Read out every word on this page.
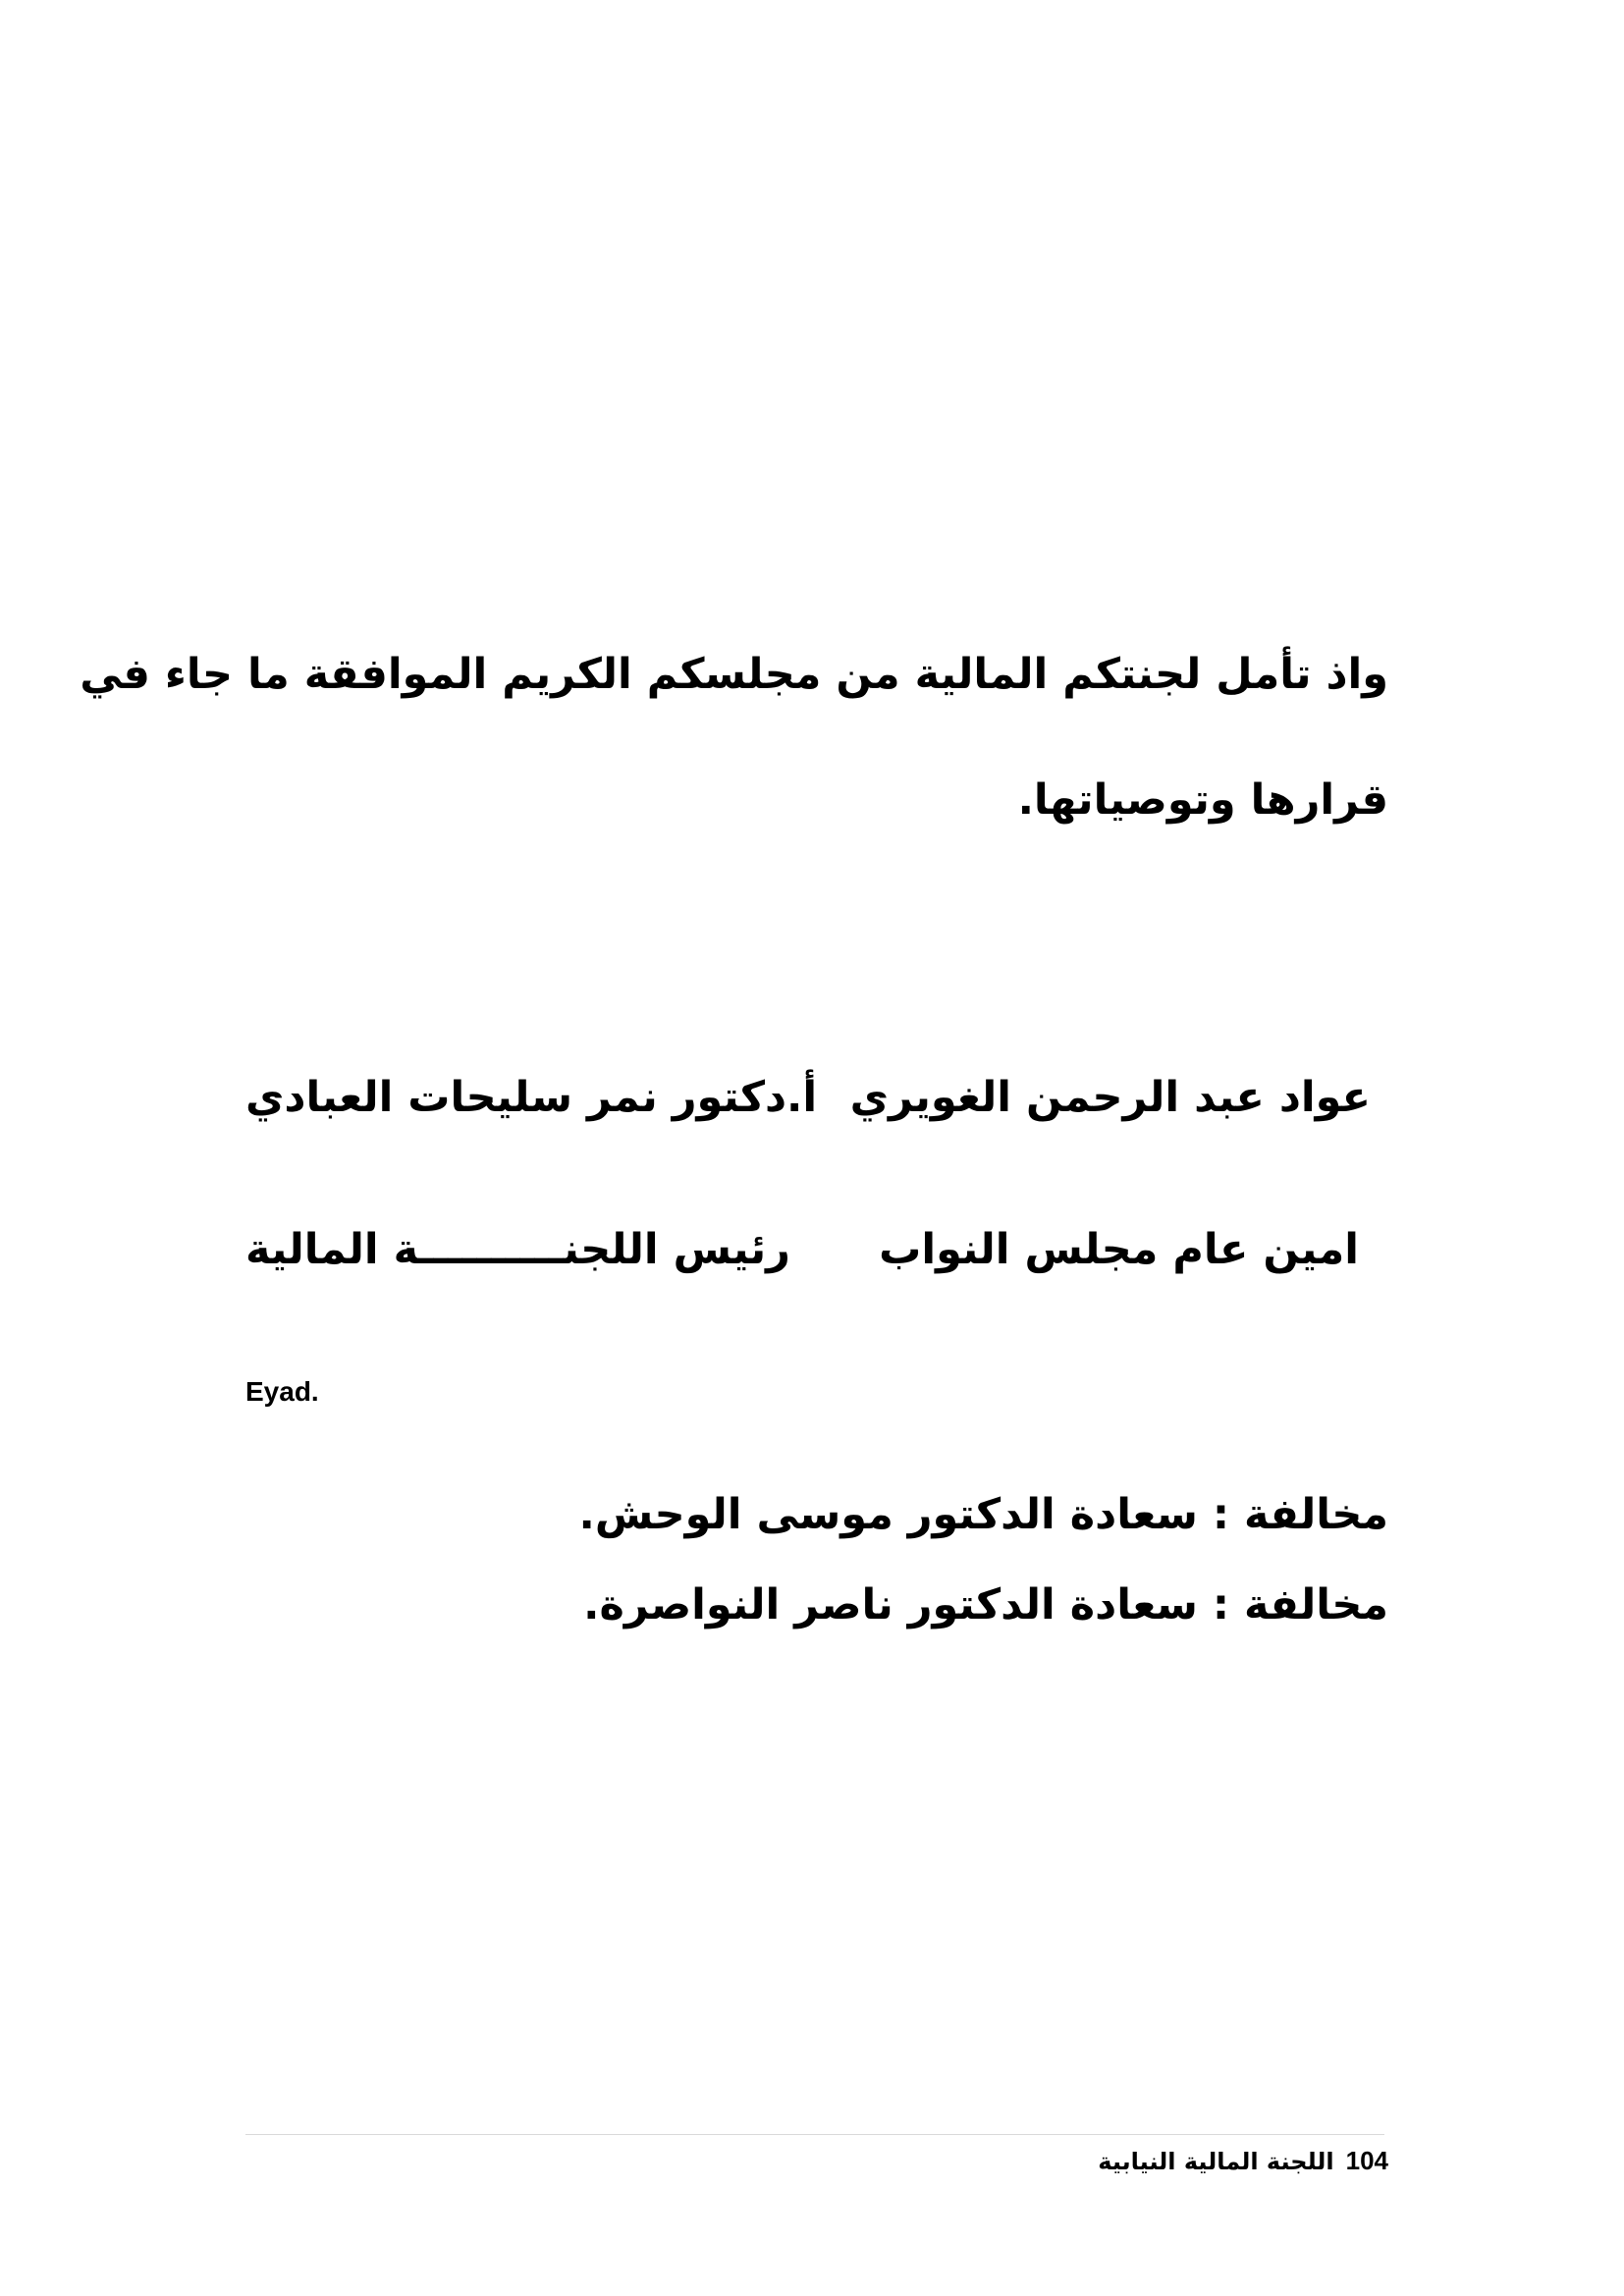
واذ تأمل لجنتكم المالية من مجلسكم الكريم الموافقة ما جاء في
قرارها وتوصياتها.
عواد عبد الرحمن الغويري
أ.دكتور نمر سليحات العبادي
امين عام مجلس النواب
رئيس اللجنــــــــــة المالية
Eyad.
مخالفة : سعادة الدكتور موسى الوحش.
مخالفة : سعادة الدكتور ناصر النواصرة.
104اللجنة المالية النيابية
